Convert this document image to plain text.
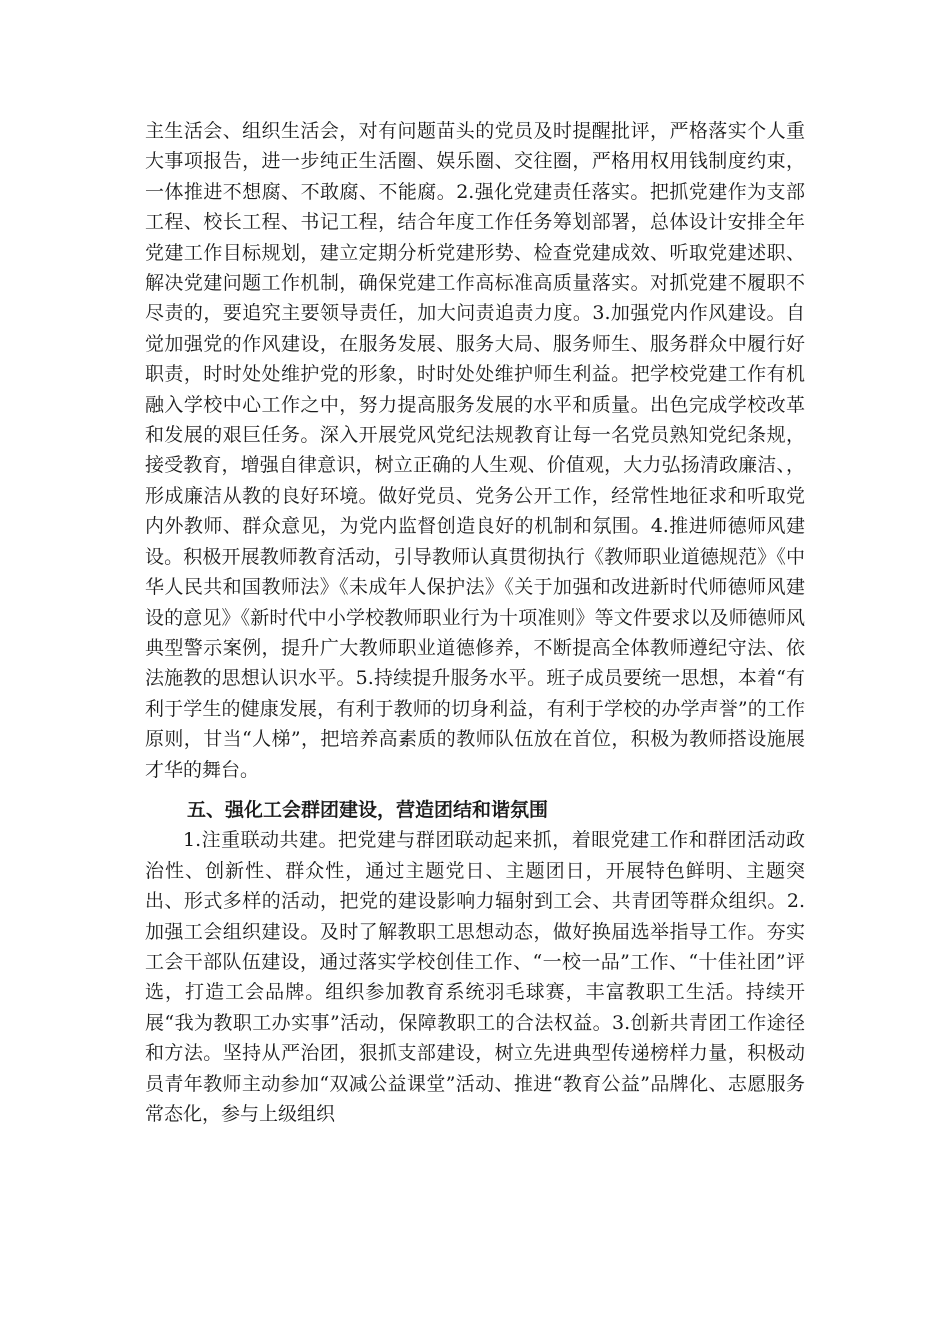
主生活会、组织生活会，对有问题苗头的党员及时提醒批评，严格落实个人重大事项报告，进一步纯正生活圈、娱乐圈、交往圈，严格用权用钱制度约束，一体推进不想腐、不敢腐、不能腐。2.强化党建责任落实。把抓党建作为支部工程、校长工程、书记工程，结合年度工作任务筹划部署，总体设计安排全年党建工作目标规划，建立定期分析党建形势、检查党建成效、听取党建述职、解决党建问题工作机制，确保党建工作高标准高质量落实。对抓党建不履职不尽责的，要追究主要领导责任，加大问责追责力度。3.加强党内作风建设。自觉加强党的作风建设，在服务发展、服务大局、服务师生、服务群众中履行好职责，时时处处维护党的形象，时时处处维护师生利益。把学校党建工作有机融入学校中心工作之中，努力提高服务发展的水平和质量。出色完成学校改革和发展的艰巨任务。深入开展党风党纪法规教育让每一名党员熟知党纪条规，接受教育，增强自律意识，树立正确的人生观、价值观，大力弘扬清政廉洁、，形成廉洁从教的良好环境。做好党员、党务公开工作，经常性地征求和听取党内外教师、群众意见，为党内监督创造良好的机制和氛围。4.推进师德师风建设。积极开展教师教育活动，引导教师认真贯彻执行《教师职业道德规范》《中华人民共和国教师法》《未成年人保护法》《关于加强和改进新时代师德师风建设的意见》《新时代中小学校教师职业行为十项准则》等文件要求以及师德师风典型警示案例，提升广大教师职业道德修养，不断提高全体教师遵纪守法、依法施教的思想认识水平。5.持续提升服务水平。班子成员要统一思想，本着“有利于学生的健康发展，有利于教师的切身利益，有利于学校的办学声誉”的工作原则，甘当“人梯”，把培养高素质的教师队伍放在首位，积极为教师搭设施展才华的舞台。

五、强化工会群团建设，营造团结和谐氛围

1.注重联动共建。把党建与群团联动起来抓，着眼党建工作和群团活动政治性、创新性、群众性，通过主题党日、主题团日，开展特色鲜明、主题突出、形式多样的活动，把党的建设影响力辐射到工会、共青团等群众组织。2.加强工会组织建设。及时了解教职工思想动态，做好换届选举指导工作。夯实工会干部队伍建设，通过落实学校创佳工作、“一校一品”工作、“十佳社团”评选，打造工会品牌。组织参加教育系统羽毛球赛，丰富教职工生活。持续开展“我为教职工办实事”活动，保障教职工的合法权益。3.创新共青团工作途径和方法。坚持从严治团，狠抓支部建设，树立先进典型传递榜样力量，积极动员青年教师主动参加“双减公益课堂”活动、推进“教育公益”品牌化、志愿服务常态化，参与上级组织
